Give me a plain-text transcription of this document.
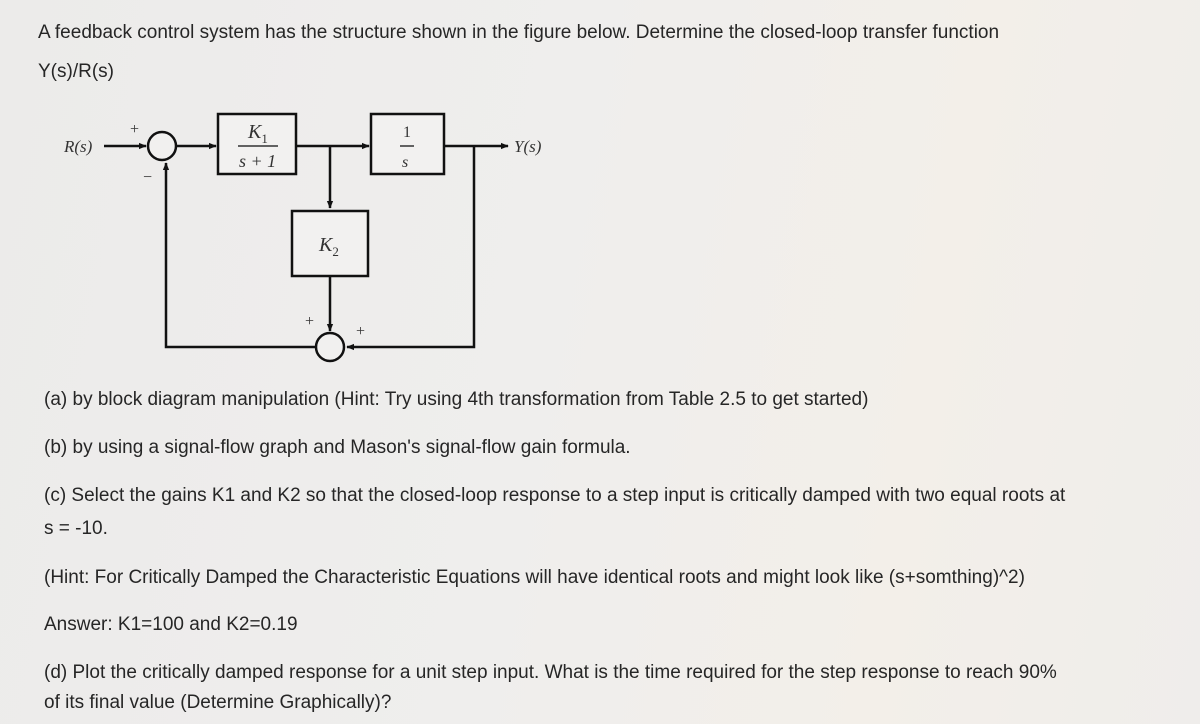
A feedback control system has the structure shown in the figure below. Determine the closed-loop transfer function

Y(s)/R(s)

R(s)	Y(s)
+
−
$K_1$
s + 1
1
s
$K_2$
+
+

(a) by block diagram manipulation (Hint: Try using 4th transformation from Table 2.5 to get started)

(b) by using a signal-flow graph and Mason's signal-flow gain formula.

(c) Select the gains K1 and K2 so that the closed-loop response to a step input is critically damped with two equal roots at

s = -10.

(Hint: For Critically Damped the Characteristic Equations will have identical roots and might look like (s+somthing)^2)

Answer: K1=100 and K2=0.19

(d) Plot the critically damped response for a unit step input. What is the time required for the step response to reach 90%

of its final value (Determine Graphically)?
